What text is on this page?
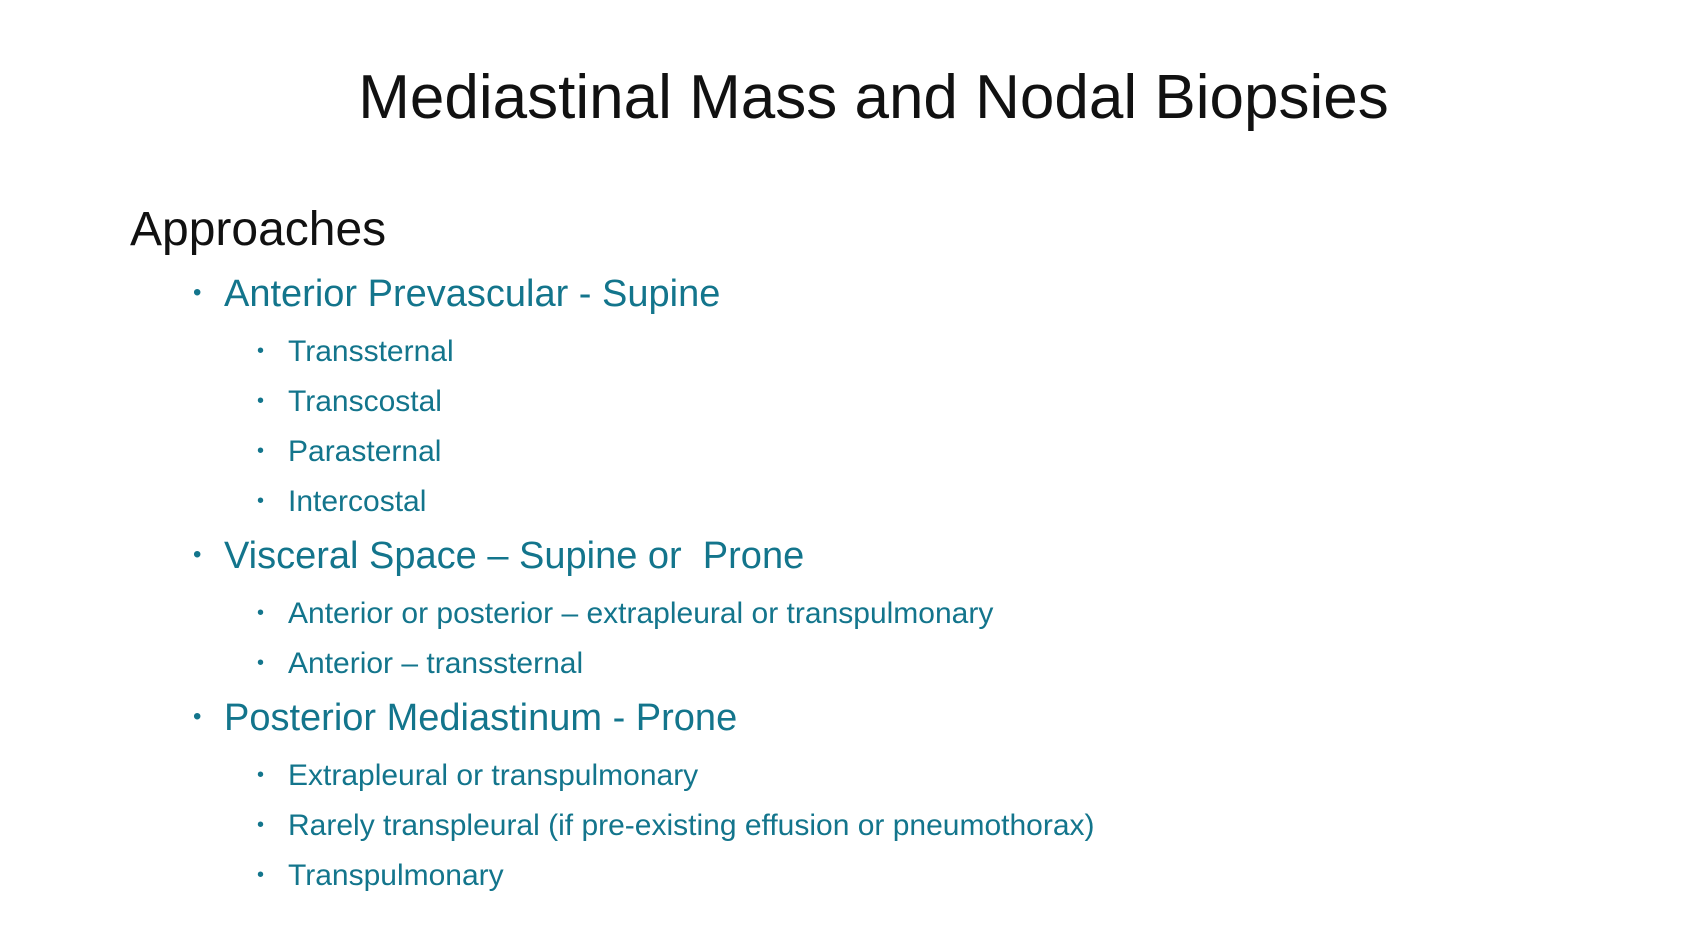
Mediastinal Mass and Nodal Biopsies
Approaches
• Anterior Prevascular - Supine
• Transsternal
• Transcostal
• Parasternal
• Intercostal
• Visceral Space – Supine or  Prone
• Anterior or posterior – extrapleural or transpulmonary
• Anterior – transsternal
• Posterior Mediastinum - Prone
• Extrapleural or transpulmonary
• Rarely transpleural (if pre-existing effusion or pneumothorax)
• Transpulmonary
